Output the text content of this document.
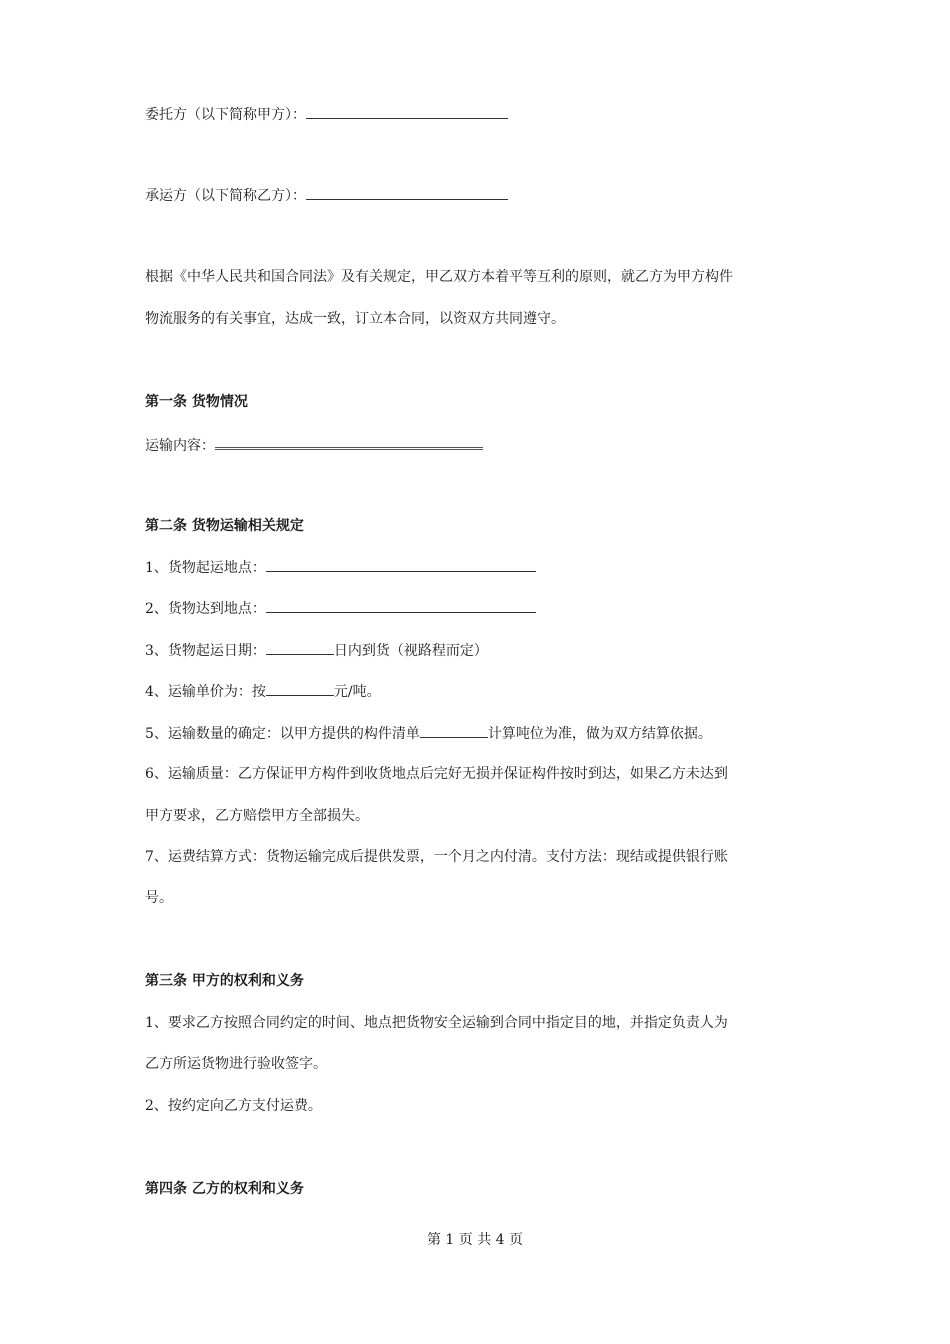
委托方（以下简称甲方）：
承运方（以下简称乙方）：
根据《中华人民共和国合同法》及有关规定，甲乙双方本着平等互利的原则，就乙方为甲方构件
物流服务的有关事宜，达成一致，订立本合同，以资双方共同遵守。
第一条 货物情况
运输内容：
第二条 货物运输相关规定
1、货物起运地点：
2、货物达到地点：
3、货物起运日期：	日内到货（视路程而定）
4、运输单价为：按	元/吨。
5、运输数量的确定：以甲方提供的构件清单	计算吨位为准，做为双方结算依据。
6、运输质量：乙方保证甲方构件到收货地点后完好无损并保证构件按时到达，如果乙方未达到
甲方要求，乙方赔偿甲方全部损失。
7、运费结算方式：货物运输完成后提供发票，一个月之内付清。支付方法：现结或提供银行账
号。
第三条 甲方的权利和义务
1、要求乙方按照合同约定的时间、地点把货物安全运输到合同中指定目的地，并指定负责人为
乙方所运货物进行验收签字。
2、按约定向乙方支付运费。
第四条 乙方的权利和义务
第 1 页 共 4 页
